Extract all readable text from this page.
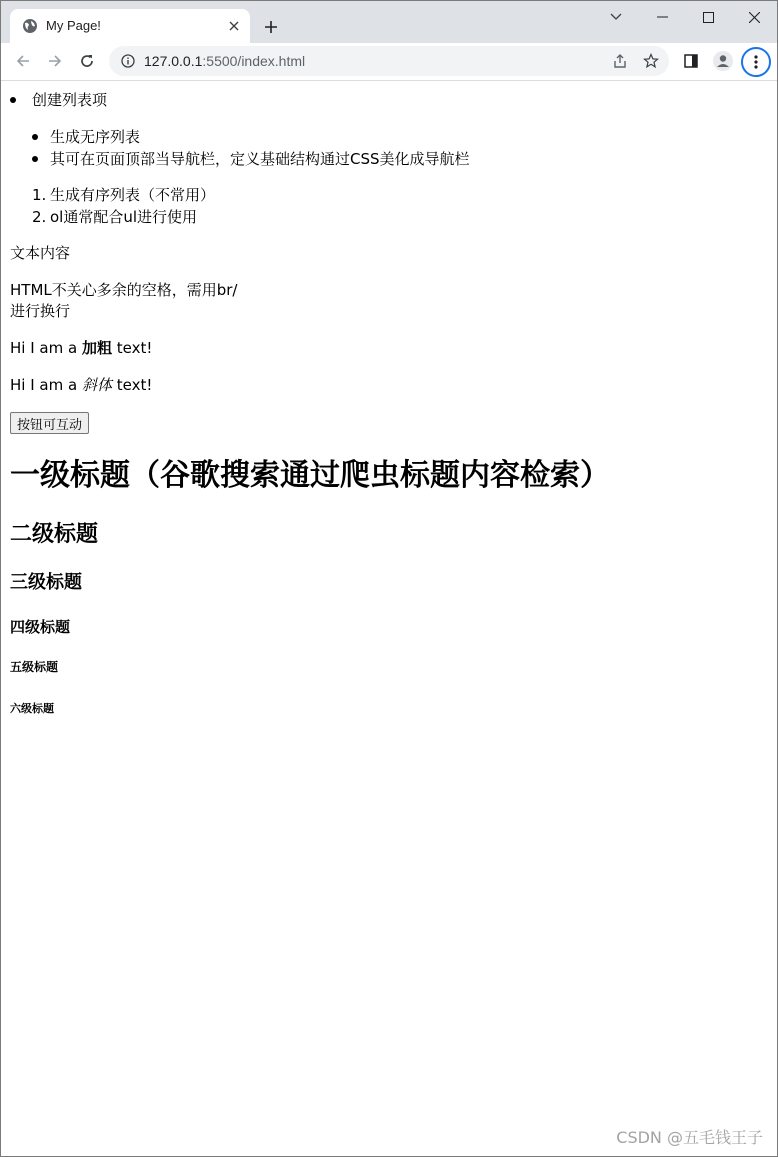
My Page!
127.0.0.1:5500/index.html
创建列表项
生成无序列表
其可在页面顶部当导航栏，定义基础结构通过CSS美化成导航栏
1. 生成有序列表（不常用）
2. ol通常配合ul进行使用
文本内容
HTML不关心多余的空格，需用br/
进行换行
Hi I am a 加粗 text!
Hi I am a 斜体 text!
按钮可互动
一级标题（谷歌搜索通过爬虫标题内容检索）
二级标题
三级标题
四级标题
五级标题
六级标题
CSDN @五毛钱王子
